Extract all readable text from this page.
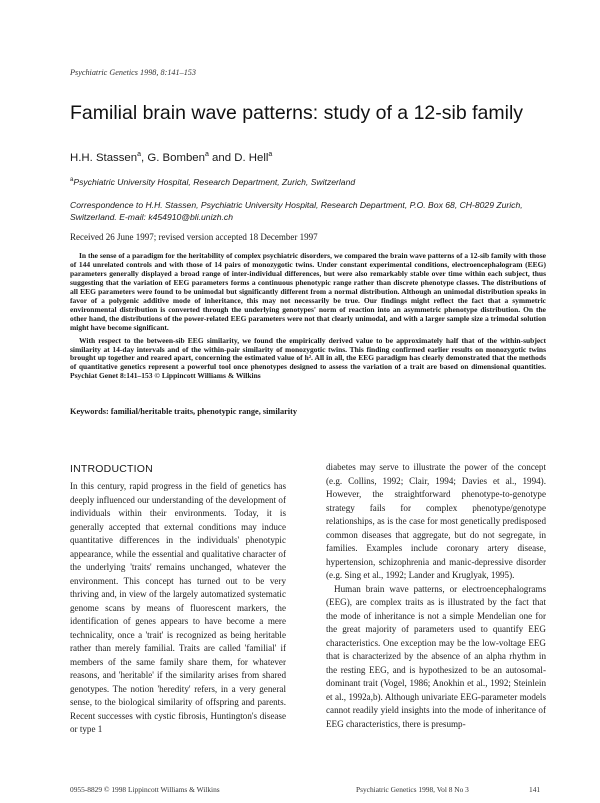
Psychiatric Genetics 1998, 8:141–153
Familial brain wave patterns: study of a 12-sib family
H.H. Stassen$^a$, G. Bomben$^a$ and D. Hell$^a$
$^a$Psychiatric University Hospital, Research Department, Zurich, Switzerland
Correspondence to H.H. Stassen, Psychiatric University Hospital, Research Department, P.O. Box 68, CH-8029 Zurich, Switzerland. E-mail: k454910@bli.unizh.ch
Received 26 June 1997; revised version accepted 18 December 1997

In the sense of a paradigm for the heritability of complex psychiatric disorders, we compared the brain wave patterns of a 12-sib family with those of 144 unrelated controls and with those of 14 pairs of monozygotic twins. Under constant experimental conditions, electroencephalogram (EEG) parameters generally displayed a broad range of inter-individual differences, but were also remarkably stable over time within each subject, thus suggesting that the variation of EEG parameters forms a continuous phenotypic range rather than discrete phenotype classes. The distributions of all EEG parameters were found to be unimodal but significantly different from a normal distribution. Although an unimodal distribution speaks in favor of a polygenic additive mode of inheritance, this may not necessarily be true. Our findings might reflect the fact that a symmetric environmental distribution is converted through the underlying genotypes' norm of reaction into an asymmetric phenotype distribution. On the other hand, the distributions of the power-related EEG parameters were not that clearly unimodal, and with a larger sample size a trimodal solution might have become significant.

With respect to the between-sib EEG similarity, we found the empirically derived value to be approximately half that of the within-subject similarity at 14-day intervals and of the within-pair similarity of monozygotic twins. This finding confirmed earlier results on monozygotic twins brought up together and reared apart, concerning the estimated value of h². All in all, the EEG paradigm has clearly demonstrated that the methods of quantitative genetics represent a powerful tool once phenotypes designed to assess the variation of a trait are based on dimensional quantities. Psychiat Genet 8:141–153 © Lippincott Williams & Wilkins

Keywords: familial/heritable traits, phenotypic range, similarity
INTRODUCTION

In this century, rapid progress in the field of genetics has deeply influenced our understanding of the development of individuals within their environments. Today, it is generally accepted that external conditions may induce quantitative differences in the individuals' phenotypic appearance, while the essential and qualitative character of the underlying 'traits' remains unchanged, whatever the environment. This concept has turned out to be very thriving and, in view of the largely automatized systematic genome scans by means of fluorescent markers, the identification of genes appears to have become a mere technicality, once a 'trait' is recognized as being heritable rather than merely familial. Traits are called 'familial' if members of the same family share them, for whatever reasons, and 'heritable' if the similarity arises from shared genotypes. The notion 'heredity' refers, in a very general sense, to the biological similarity of offspring and parents. Recent successes with cystic fibrosis, Huntington's disease or type 1

diabetes may serve to illustrate the power of the concept (e.g. Collins, 1992; Clair, 1994; Davies et al., 1994). However, the straightforward phenotype-to-genotype strategy fails for complex phenotype/genotype relationships, as is the case for most genetically predisposed common diseases that aggregate, but do not segregate, in families. Examples include coronary artery disease, hypertension, schizophrenia and manic-depressive disorder (e.g. Sing et al., 1992; Lander and Kruglyak, 1995).

Human brain wave patterns, or electroencephalograms (EEG), are complex traits as is illustrated by the fact that the mode of inheritance is not a simple Mendelian one for the great majority of parameters used to quantify EEG characteristics. One exception may be the low-voltage EEG that is characterized by the absence of an alpha rhythm in the resting EEG, and is hypothesized to be an autosomal-dominant trait (Vogel, 1986; Anokhin et al., 1992; Steinlein et al., 1992a,b). Although univariate EEG-parameter models cannot readily yield insights into the mode of inheritance of EEG characteristics, there is presump-

0955-8829 © 1998 Lippincott Williams & Wilkins	Psychiatric Genetics 1998, Vol 8 No 3	141
